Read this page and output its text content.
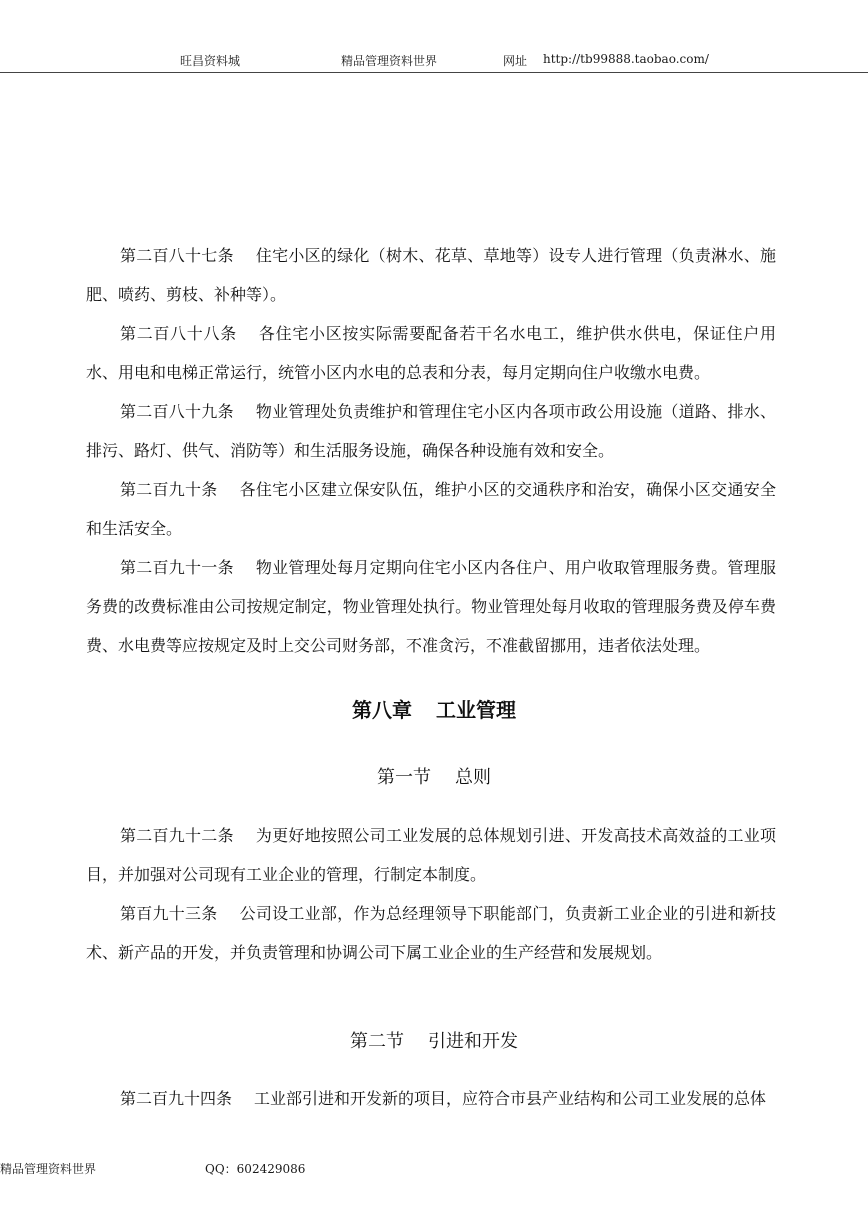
旺昌资料城	精品管理资料世界	网址 http://tb99888.taobao.com/

第二百八十七条 住宅小区的绿化（树木、花草、草地等）设专人进行管理（负责淋水、施肥、喷药、剪枝、补种等）。

第二百八十八条 各住宅小区按实际需要配备若干名水电工，维护供水供电，保证住户用水、用电和电梯正常运行，统管小区内水电的总表和分表，每月定期向住户收缴水电费。

第二百八十九条 物业管理处负责维护和管理住宅小区内各项市政公用设施（道路、排水、排污、路灯、供气、消防等）和生活服务设施，确保各种设施有效和安全。

第二百九十条 各住宅小区建立保安队伍，维护小区的交通秩序和治安，确保小区交通安全和生活安全。

第二百九十一条 物业管理处每月定期向住宅小区内各住户、用户收取管理服务费。管理服务费的改费标准由公司按规定制定，物业管理处执行。物业管理处每月收取的管理服务费及停车费费、水电费等应按规定及时上交公司财务部，不准贪污，不准截留挪用，违者依法处理。

第八章 工业管理
第一节 总则

第二百九十二条 为更好地按照公司工业发展的总体规划引进、开发高技术高效益的工业项目，并加强对公司现有工业企业的管理，行制定本制度。

第百九十三条 公司设工业部，作为总经理领导下职能部门，负责新工业企业的引进和新技术、新产品的开发，并负责管理和协调公司下属工业企业的生产经营和发展规划。

第二节 引进和开发

第二百九十四条 工业部引进和开发新的项目，应符合市县产业结构和公司工业发展的总体

精品管理资料世界	QQ：602429086
